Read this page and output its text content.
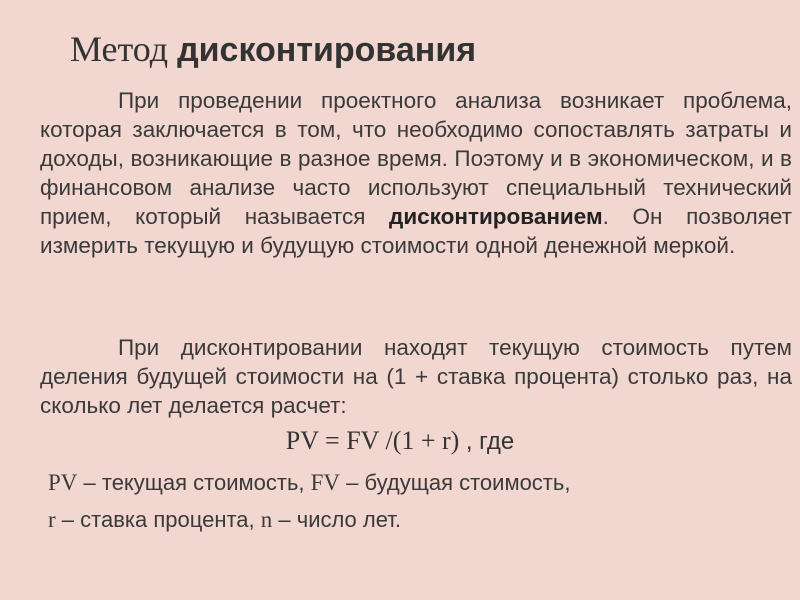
Метод дисконтирования
При проведении проектного анализа возникает проблема, которая заключается в том, что необходимо сопоставлять затраты и доходы, возникающие в разное время. Поэтому и в экономическом, и в финансовом анализе часто используют специальный технический прием, который называется дисконтированием. Он позволяет измерить текущую и будущую стоимости одной денежной меркой.
При дисконтировании находят текущую стоимость путем деления будущей стоимости на (1 + ставка процента) столько раз, на сколько лет делается расчет:
PV = FV /(1 + r) , где
PV – текущая стоимость, FV – будущая стоимость,
r – ставка процента, n – число лет.
